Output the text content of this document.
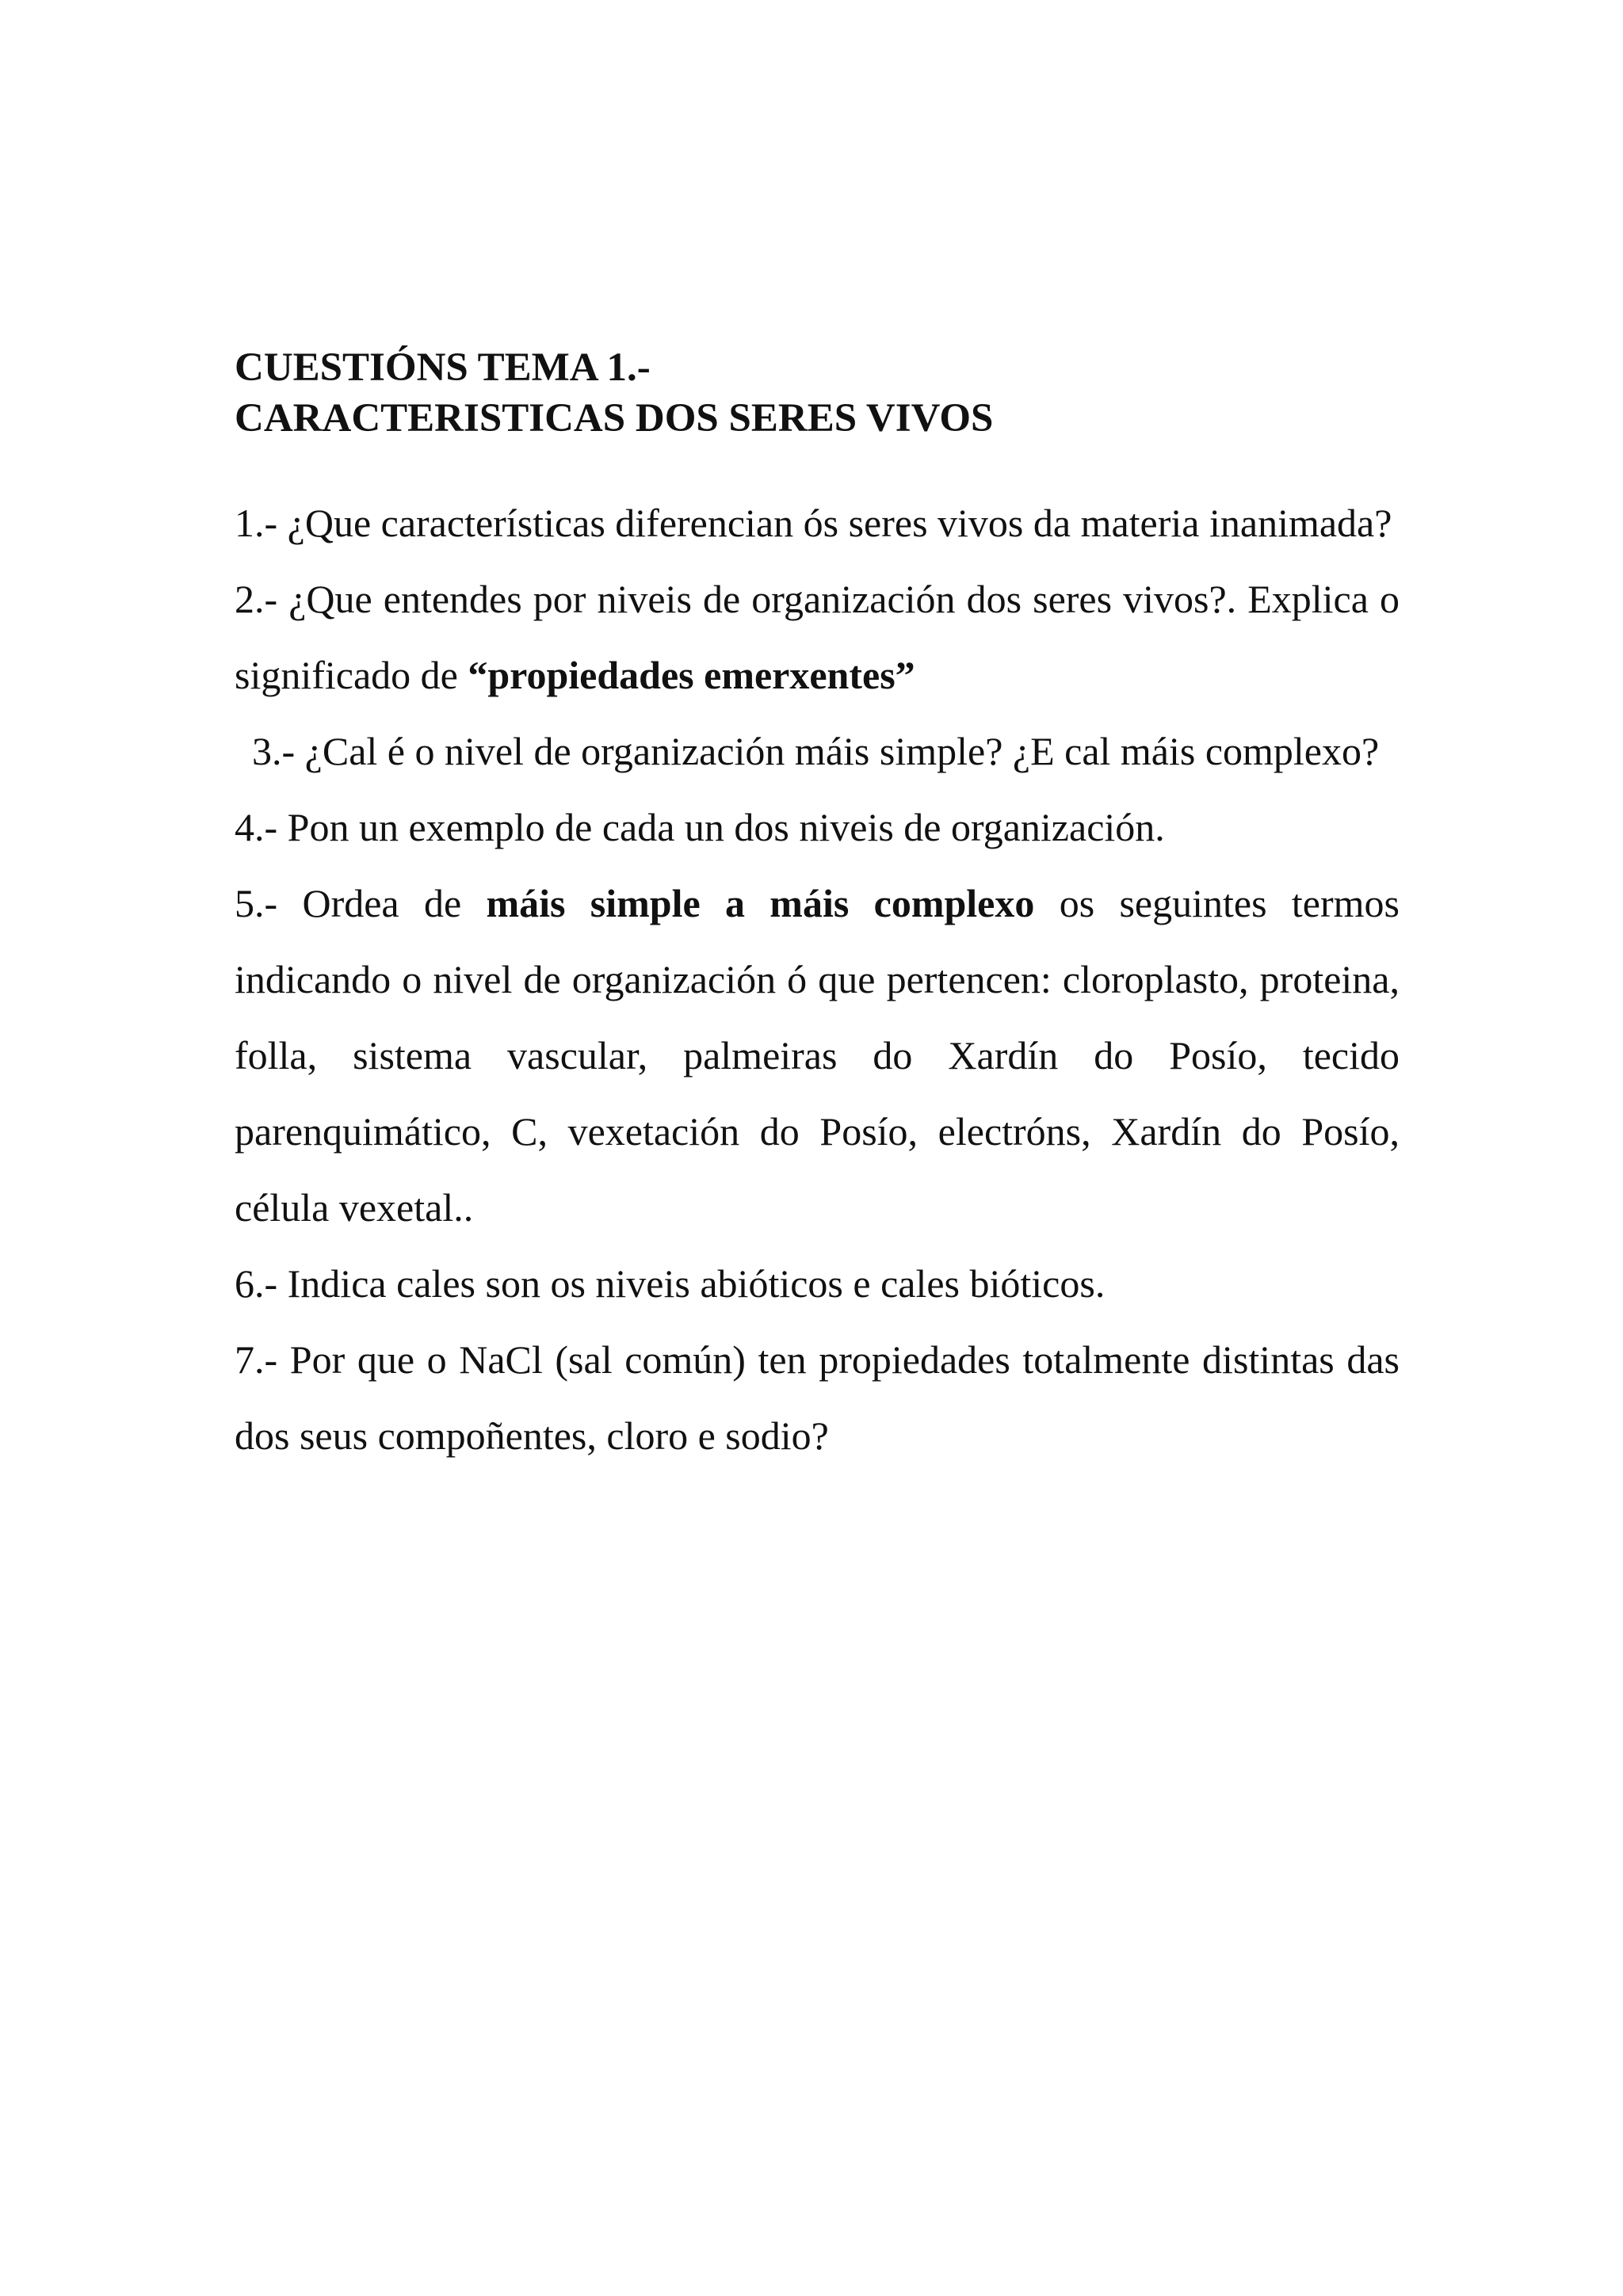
CUESTIÓNS TEMA 1.-
CARACTERISTICAS DOS SERES VIVOS

1.- ¿Que características diferencian ós seres vivos da materia inanimada?

2.- ¿Que entendes por niveis de organización dos seres vivos?. Explica o significado de “propiedades emerxentes”

3.- ¿Cal é o nivel de organización máis simple? ¿E cal máis complexo?

4.- Pon un exemplo de cada un dos niveis de organización.

5.- Ordea de máis simple a máis complexo os seguintes termos indicando o nivel de organización ó que pertencen: cloroplasto, proteina, folla, sistema vascular, palmeiras do Xardín do Posío, tecido parenquimático, C, vexetación do Posío, electróns, Xardín do Posío, célula vexetal..

6.- Indica cales son os niveis abióticos e cales bióticos.

7.- Por que o NaCl (sal común) ten propiedades totalmente distintas das dos seus compoñentes, cloro e sodio?
